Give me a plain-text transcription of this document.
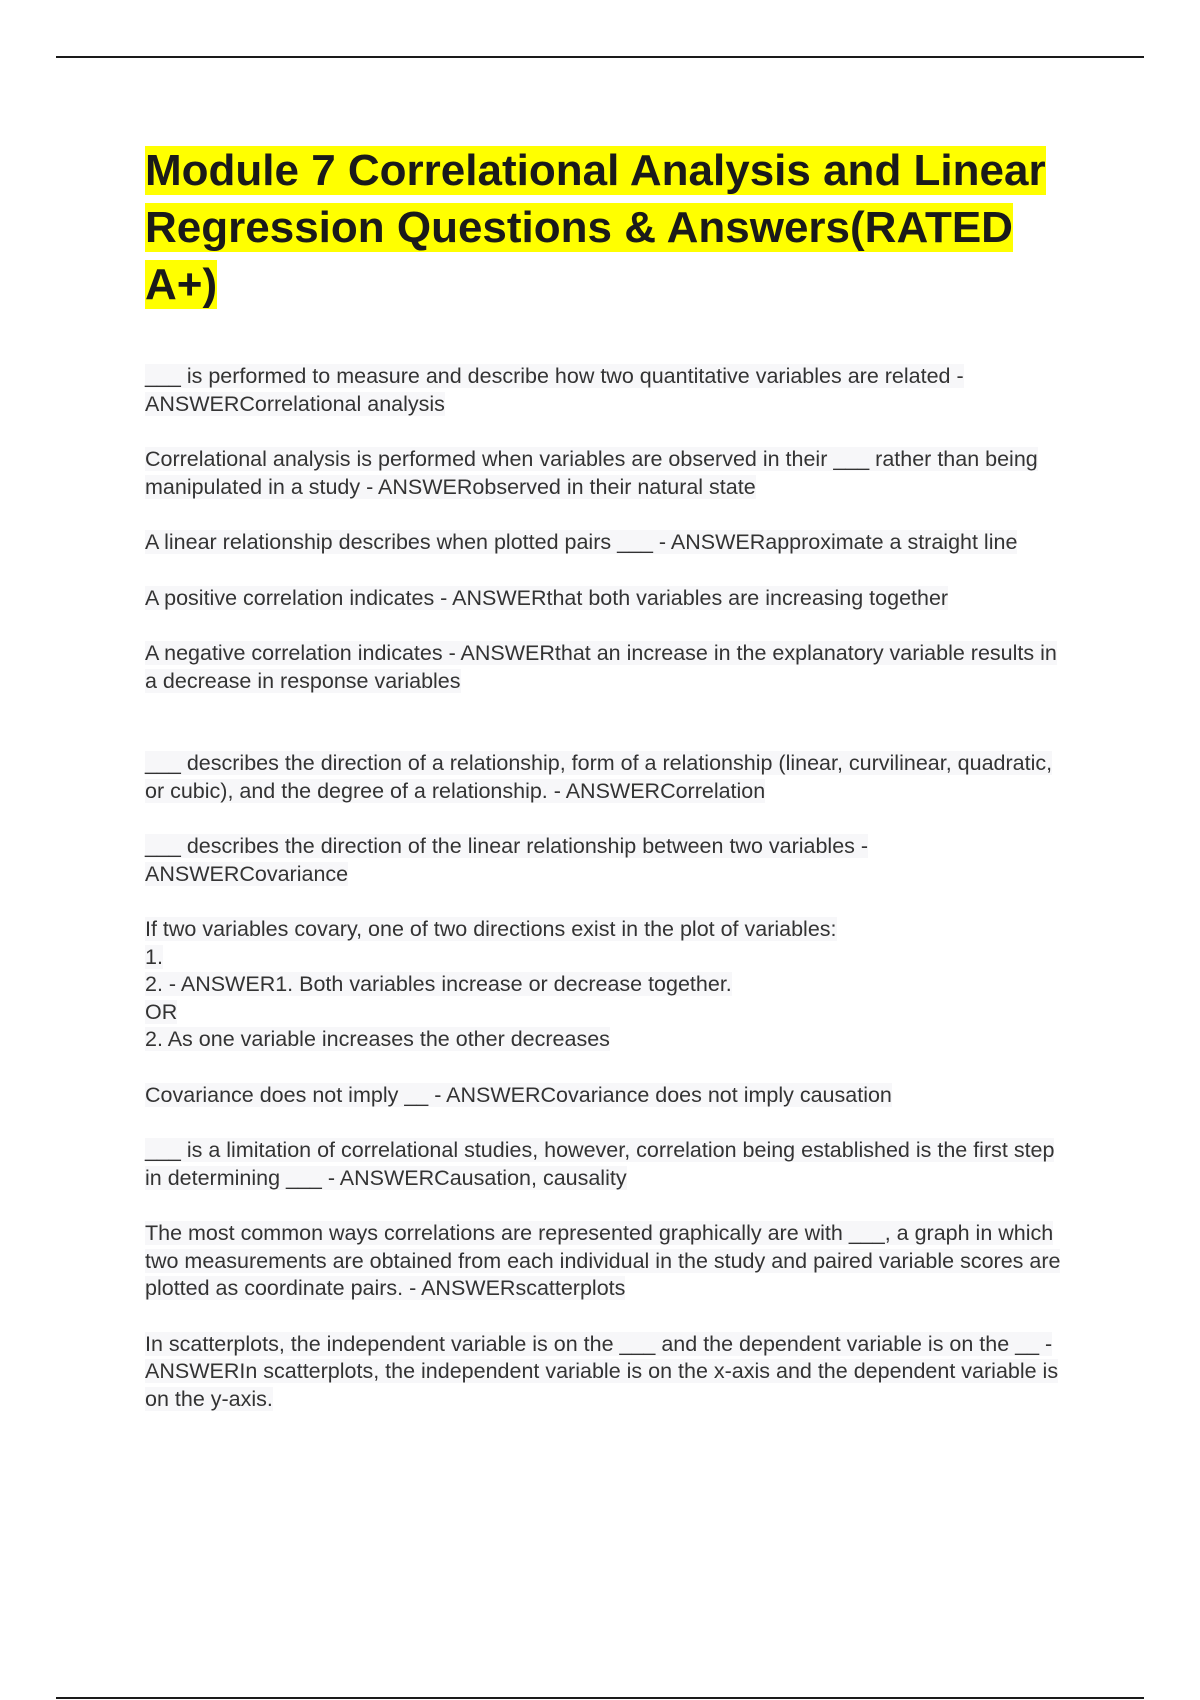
Module 7 Correlational Analysis and Linear Regression Questions & Answers(RATED A+)

___ is performed to measure and describe how two quantitative variables are related - ANSWERCorrelational analysis

Correlational analysis is performed when variables are observed in their ___ rather than being manipulated in a study - ANSWERobserved in their natural state

A linear relationship describes when plotted pairs ___ - ANSWERapproximate a straight line

A positive correlation indicates - ANSWERthat both variables are increasing together

A negative correlation indicates - ANSWERthat an increase in the explanatory variable results in a decrease in response variables

___ describes the direction of a relationship, form of a relationship (linear, curvilinear, quadratic, or cubic), and the degree of a relationship. - ANSWERCorrelation

___ describes the direction of the linear relationship between two variables - ANSWERCovariance

If two variables covary, one of two directions exist in the plot of variables:
1.
2. - ANSWER1. Both variables increase or decrease together.
OR
2. As one variable increases the other decreases

Covariance does not imply __ - ANSWERCovariance does not imply causation

___ is a limitation of correlational studies, however, correlation being established is the first step in determining ___ - ANSWERCausation, causality

The most common ways correlations are represented graphically are with ___, a graph in which two measurements are obtained from each individual in the study and paired variable scores are plotted as coordinate pairs. - ANSWERscatterplots

In scatterplots, the independent variable is on the ___ and the dependent variable is on the __ - ANSWERIn scatterplots, the independent variable is on the x-axis and the dependent variable is on the y-axis.
